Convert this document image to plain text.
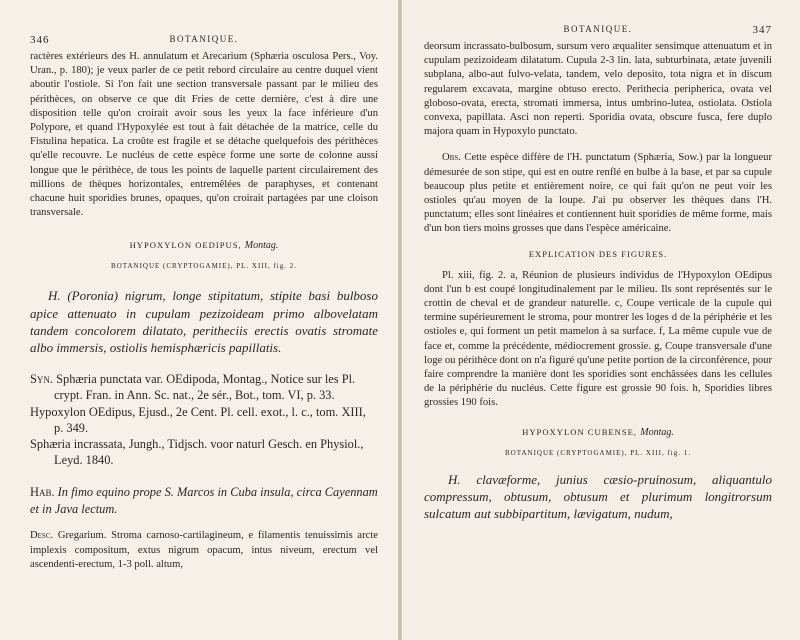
346	BOTANIQUE.

ractères extérieurs des H. annulatum et Arecarium (Sphæria osculosa Pers., Voy. Uran., p. 180); je veux parler de ce petit rebord circulaire au centre duquel vient aboutir l'ostiole. Si l'on fait une section transversale passant par le milieu des périthèces, on observe ce que dit Fries de cette dernière, c'est à dire une disposition telle qu'on croirait avoir sous les yeux la face inférieure d'un Polypore, et quand l'Hypoxylée est tout à fait détachée de la matrice, celle du Fistulina hepatica. La croûte est fragile et se détache quelquefois des périthèces qu'elle recouvre. Le nucléus de cette espèce forme une sorte de colonne aussi longue que le périthèce, de tous les points de laquelle partent circulairement des millions de thèques horizontales, entremêlées de paraphyses, et contenant chacune huit sporidies brunes, opaques, qu'on croirait partagées par une cloison transversale.

HYPOXYLON OEDIPUS, Montag.

BOTANIQUE (CRYPTOGAMIE), PL. XIII, fig. 2.

H. (Poronia) nigrum, longe stipitatum, stipite basi bulboso apice attenuato in cupulam pezizoideam primo albovelatam tandem concolorem dilatato, peritheciis erectis ovatis stromate albo immersis, ostiolis hemisphæricis papillatis.

Syn. Sphæria punctata var. OEdipoda, Montag., Notice sur les Pl. crypt. Fran. in Ann. Sc. nat., 2e sér., Bot., tom. VI, p. 33.

Hypoxylon OEdipus, Ejusd., 2e Cent. Pl. cell. exot., l. c., tom. XIII, p. 349.

Sphæria incrassata, Jungh., Tidjsch. voor naturl Gesch. en Physiol., Leyd. 1840.

Hab. In fimo equino prope S. Marcos in Cuba insula, circa Cayennam et in Java lectum.

Desc. Gregarium. Stroma carnoso-cartilagineum, e filamentis tenuissimis arcte implexis compositum, extus nigrum opacum, intus niveum, erectum vel ascendenti-erectum, 1-3 poll. altum,

BOTANIQUE.	347

deorsum incrassato-bulbosum, sursum vero æqualiter sensimque attenuatum et in cupulam pezizoideam dilatatum. Cupula 2-3 lin. lata, subturbinata, ætate juvenili subplana, albo-aut fulvo-velata, tandem, velo deposito, tota nigra et in discum regularem excavata, margine obtuso erecto. Perithecia peripherica, ovata vel globoso-ovata, erecta, stromati immersa, intus umbrino-lutea, ostiolata. Ostiola convexa, papillata. Asci non reperti. Sporidia ovata, obscure fusca, fere duplo majora quam in Hypoxylo punctato.

Obs. Cette espèce diffère de l'H. punctatum (Sphæria, Sow.) par la longueur démesurée de son stipe, qui est en outre renflé en bulbe à la base, et par sa cupule beaucoup plus petite et entièrement noire, ce qui fait qu'on ne peut voir les ostioles qu'au moyen de la loupe. J'ai pu observer les thèques dans l'H. punctatum; elles sont linéaires et contiennent huit sporidies de même forme, mais d'un bon tiers moins grosses que dans l'espèce américaine.

EXPLICATION DES FIGURES.

Pl. xiii, fig. 2. a, Réunion de plusieurs individus de l'Hypoxylon OEdipus dont l'un b est coupé longitudinalement par le milieu. Ils sont représentés sur le crottin de cheval et de grandeur naturelle. c, Coupe verticale de la cupule qui termine supérieurement le stroma, pour montrer les loges d de la périphérie et les ostioles e, qui forment un petit mamelon à sa surface. f, La même cupule vue de face et, comme la précédente, médiocrement grossie. g, Coupe transversale d'une loge ou périthèce dont on n'a figuré qu'une petite portion de la circonférence, pour faire comprendre la manière dont les sporidies sont enchâssées dans les cellules de la périphérie du nucléus. Cette figure est grossie 90 fois. h, Sporidies libres grossies 190 fois.

HYPOXYLON CUBENSE, Montag.

BOTANIQUE (CRYPTOGAMIE), PL. XIII, fig. 1.

H. clavæforme, junius cæsio-pruinosum, aliquantulo compressum, obtusum, obtusum et plurimum longitrorsum sulcatum aut subbipartitum, lævigatum, nudum,
